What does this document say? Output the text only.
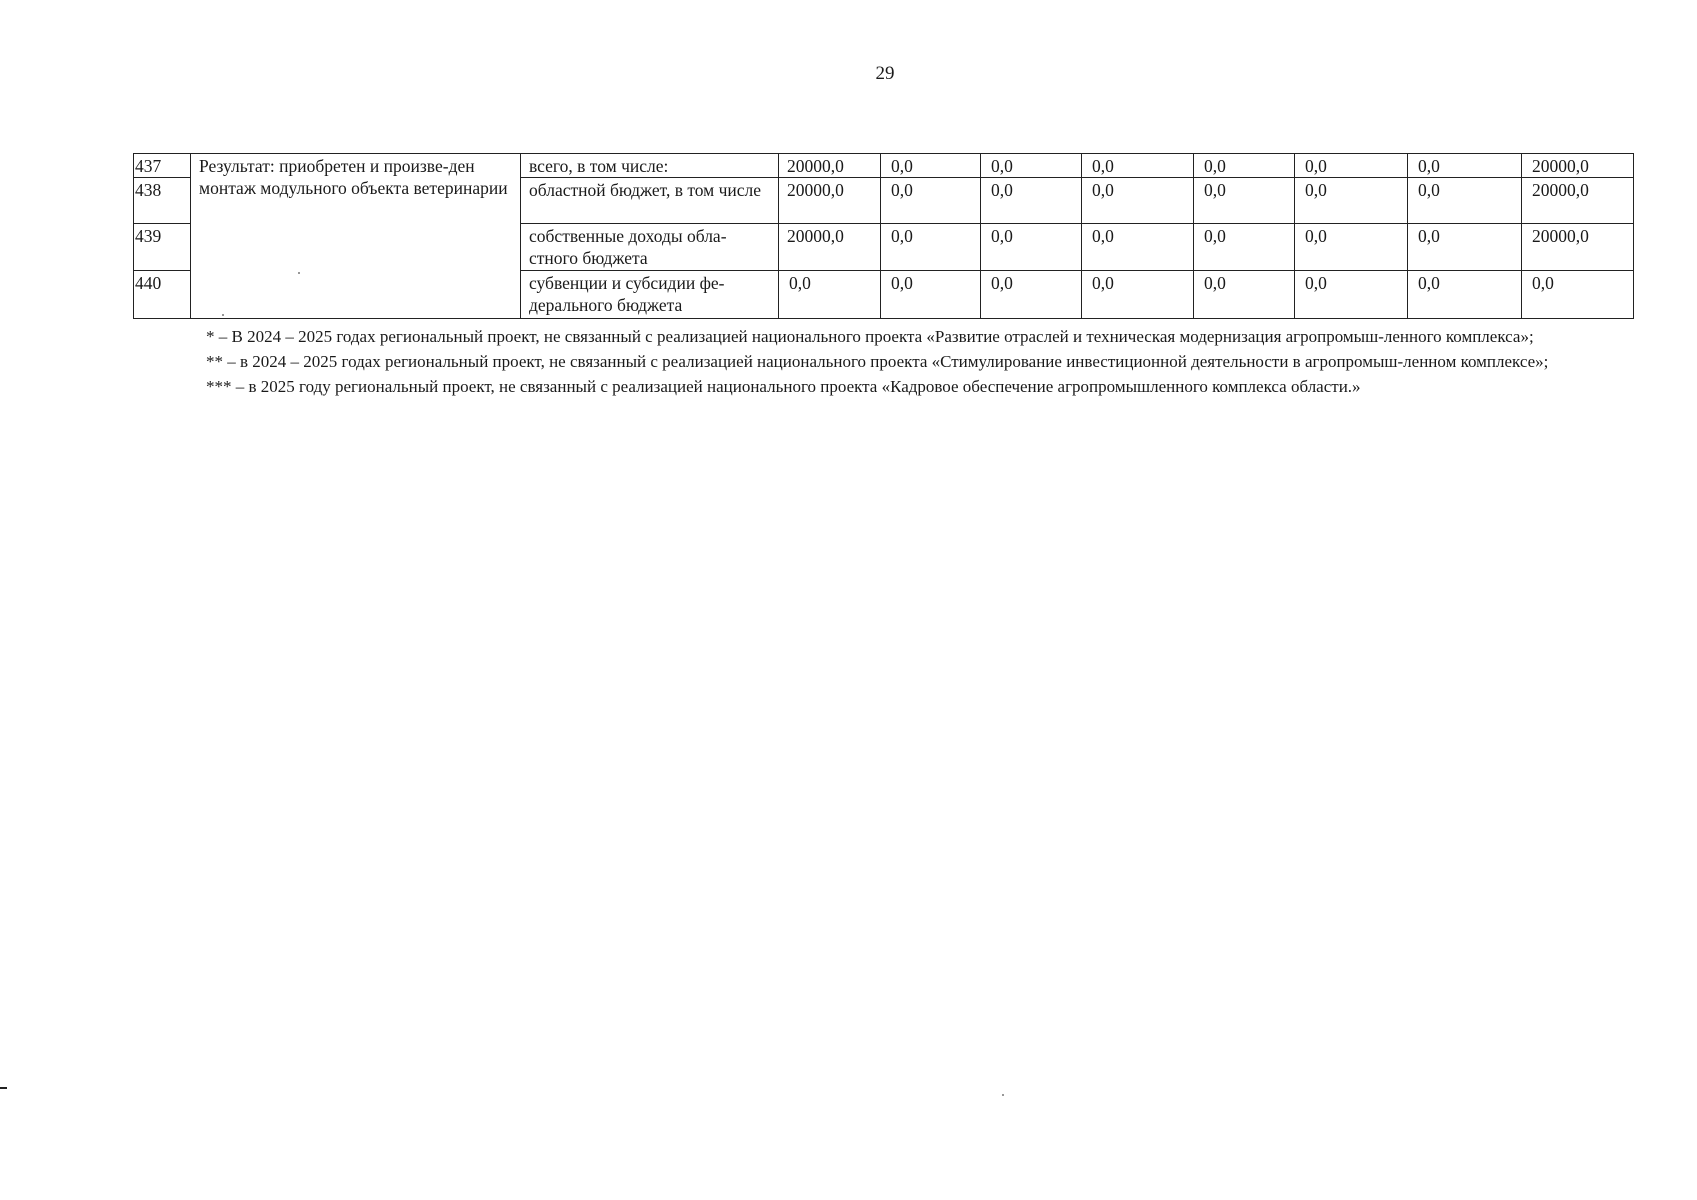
29
437	Результат: приобретен и произве-ден монтаж модульного объекта ветеринарии	всего, в том числе:	20000,0	0,0	0,0	0,0	0,0	0,0	0,0	20000,0
438		областной бюджет, в том числе	20000,0	0,0	0,0	0,0	0,0	0,0	0,0	20000,0
439		собственные доходы обла-стного бюджета	20000,0	0,0	0,0	0,0	0,0	0,0	0,0	20000,0
440		субвенции и субсидии фе-дерального бюджета	0,0	0,0	0,0	0,0	0,0	0,0	0,0	0,0

* – В 2024 – 2025 годах региональный проект, не связанный с реализацией национального проекта «Развитие отраслей и техническая модернизация агропромыш-ленного комплекса»;

** – в 2024 – 2025 годах региональный проект, не связанный с реализацией национального проекта «Стимулирование инвестиционной деятельности в агропромыш-ленном комплексе»;

*** – в 2025 году региональный проект, не связанный с реализацией национального проекта «Кадровое обеспечение агропромышленного комплекса области.»
